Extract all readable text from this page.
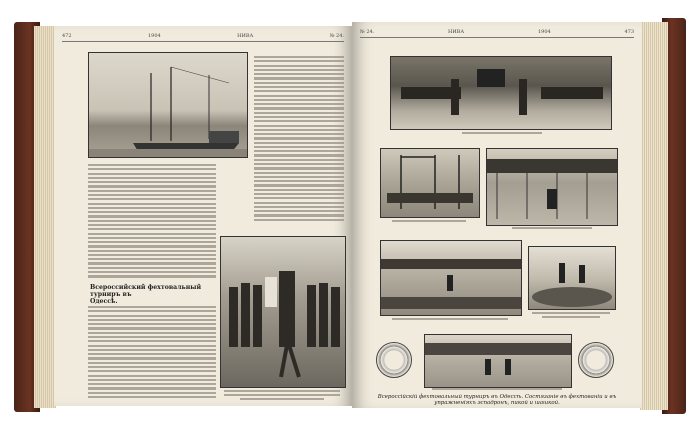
472	1904	НИВА	№ 24.
Всероссийский фехтовальный турниръ въ
Одессѣ.
№ 24.	НИВА	1904	473
Всероссійскій фехтовальный турниръ въ Одессѣ. Состязаніе въ фехтованіи и въ упражненіяхъ эспадронъ, пикой и шашкой.
